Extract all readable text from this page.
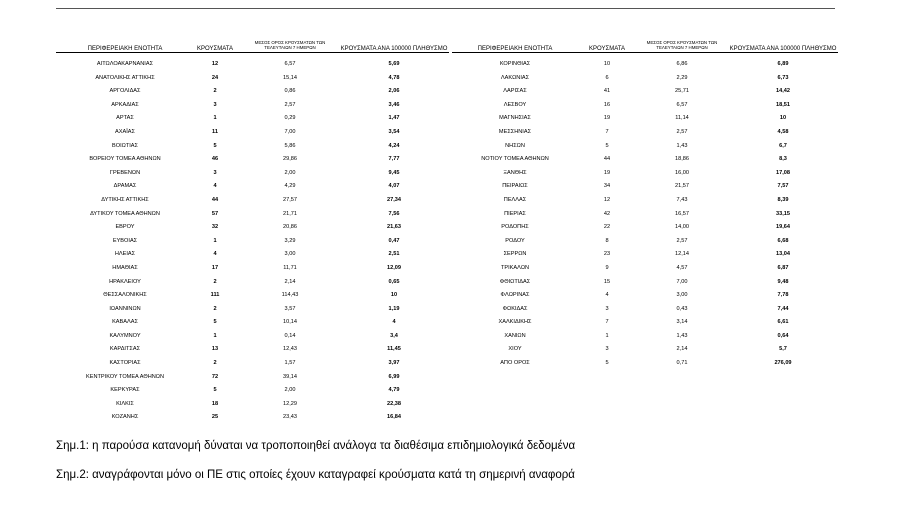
ΠΕΡΙΦΕΡΕΙΑΚΗ ΕΝΟΤΗΤΑ	ΚΡΟΥΣΜΑΤΑ
ΜΕΣΟΣ ΟΡΟΣ ΚΡΟΥΣΜΑΤΩΝ ΤΩΝ
ΤΕΛΕΥΤΑΙΩΝ 7 ΗΜΕΡΩΝ	ΚΡΟΥΣΜΑΤΑ ΑΝΑ 100000 ΠΛΗΘΥΣΜΟ	ΠΕΡΙΦΕΡΕΙΑΚΗ ΕΝΟΤΗΤΑ	ΚΡΟΥΣΜΑΤΑ
ΜΕΣΟΣ ΟΡΟΣ ΚΡΟΥΣΜΑΤΩΝ ΤΩΝ
ΤΕΛΕΥΤΑΙΩΝ 7 ΗΜΕΡΩΝ	ΚΡΟΥΣΜΑΤΑ ΑΝΑ 100000 ΠΛΗΘΥΣΜΟ
ΑΙΤΩΛΟΑΚΑΡΝΑΝΙΑΣ	12	6,57	5,69
ΑΝΑΤΟΛΙΚΗΣ ΑΤΤΙΚΗΣ	24	15,14	4,78
ΑΡΓΟΛΙΔΑΣ	2	0,86	2,06
ΑΡΚΑΔΙΑΣ	3	2,57	3,46
ΑΡΤΑΣ	1	0,29	1,47
ΑΧΑΪΑΣ	11	7,00	3,54
ΒΟΙΩΤΙΑΣ	5	5,86	4,24
ΒΟΡΕΙΟΥ ΤΟΜΕΑ ΑΘΗΝΩΝ	46	29,86	7,77
ΓΡΕΒΕΝΩΝ	3	2,00	9,45
ΔΡΑΜΑΣ	4	4,29	4,07
ΔΥΤΙΚΗΣ ΑΤΤΙΚΗΣ	44	27,57	27,34
ΔΥΤΙΚΟΥ ΤΟΜΕΑ ΑΘΗΝΩΝ	57	21,71	7,56
ΕΒΡΟΥ	32	20,86	21,63
ΕΥΒΟΙΑΣ	1	3,29	0,47
ΗΛΕΙΑΣ	4	3,00	2,51
ΗΜΑΘΙΑΣ	17	11,71	12,09
ΗΡΑΚΛΕΙΟΥ	2	2,14	0,65
ΘΕΣΣΑΛΟΝΙΚΗΣ	111	114,43	10
ΙΩΑΝΝΙΝΩΝ	2	3,57	1,19
ΚΑΒΑΛΑΣ	5	10,14	4
ΚΑΛΥΜΝΟΥ	1	0,14	3,4
ΚΑΡΔΙΤΣΑΣ	13	12,43	11,45
ΚΑΣΤΟΡΙΑΣ	2	1,57	3,97
ΚΕΝΤΡΙΚΟΥ ΤΟΜΕΑ ΑΘΗΝΩΝ	72	39,14	6,99
ΚΕΡΚΥΡΑΣ	5	2,00	4,79
ΚΙΛΚΙΣ	18	12,29	22,38
ΚΟΖΑΝΗΣ	25	23,43	16,84
ΚΟΡΙΝΘΙΑΣ	10	6,86	6,89
ΛΑΚΩΝΙΑΣ	6	2,29	6,73
ΛΑΡΙΣΑΣ	41	25,71	14,42
ΛΕΣΒΟΥ	16	6,57	18,51
ΜΑΓΝΗΣΙΑΣ	19	11,14	10
ΜΕΣΣΗΝΙΑΣ	7	2,57	4,58
ΝΗΣΩΝ	5	1,43	6,7
ΝΟΤΙΟΥ ΤΟΜΕΑ ΑΘΗΝΩΝ	44	18,86	8,3
ΞΑΝΘΗΣ	19	16,00	17,08
ΠΕΙΡΑΙΩΣ	34	21,57	7,57
ΠΕΛΛΑΣ	12	7,43	8,39
ΠΙΕΡΙΑΣ	42	16,57	33,15
ΡΟΔΟΠΗΣ	22	14,00	19,64
ΡΟΔΟΥ	8	2,57	6,68
ΣΕΡΡΩΝ	23	12,14	13,04
ΤΡΙΚΑΛΩΝ	9	4,57	6,87
ΦΘΙΩΤΙΔΑΣ	15	7,00	9,48
ΦΛΩΡΙΝΑΣ	4	3,00	7,78
ΦΩΚΙΔΑΣ	3	0,43	7,44
ΧΑΛΚΙΔΙΚΗΣ	7	3,14	6,61
ΧΑΝΙΩΝ	1	1,43	0,64
ΧΙΟΥ	3	2,14	5,7
ΑΠΟ ΟΡΟΣ	5	0,71	276,09
Σημ.1: η παρούσα κατανομή δύναται να τροποποιηθεί ανάλογα τα διαθέσιμα επιδημιολογικά δεδομένα
Σημ.2: αναγράφονται μόνο οι ΠΕ στις οποίες έχουν καταγραφεί κρούσματα κατά τη σημερινή αναφορά
